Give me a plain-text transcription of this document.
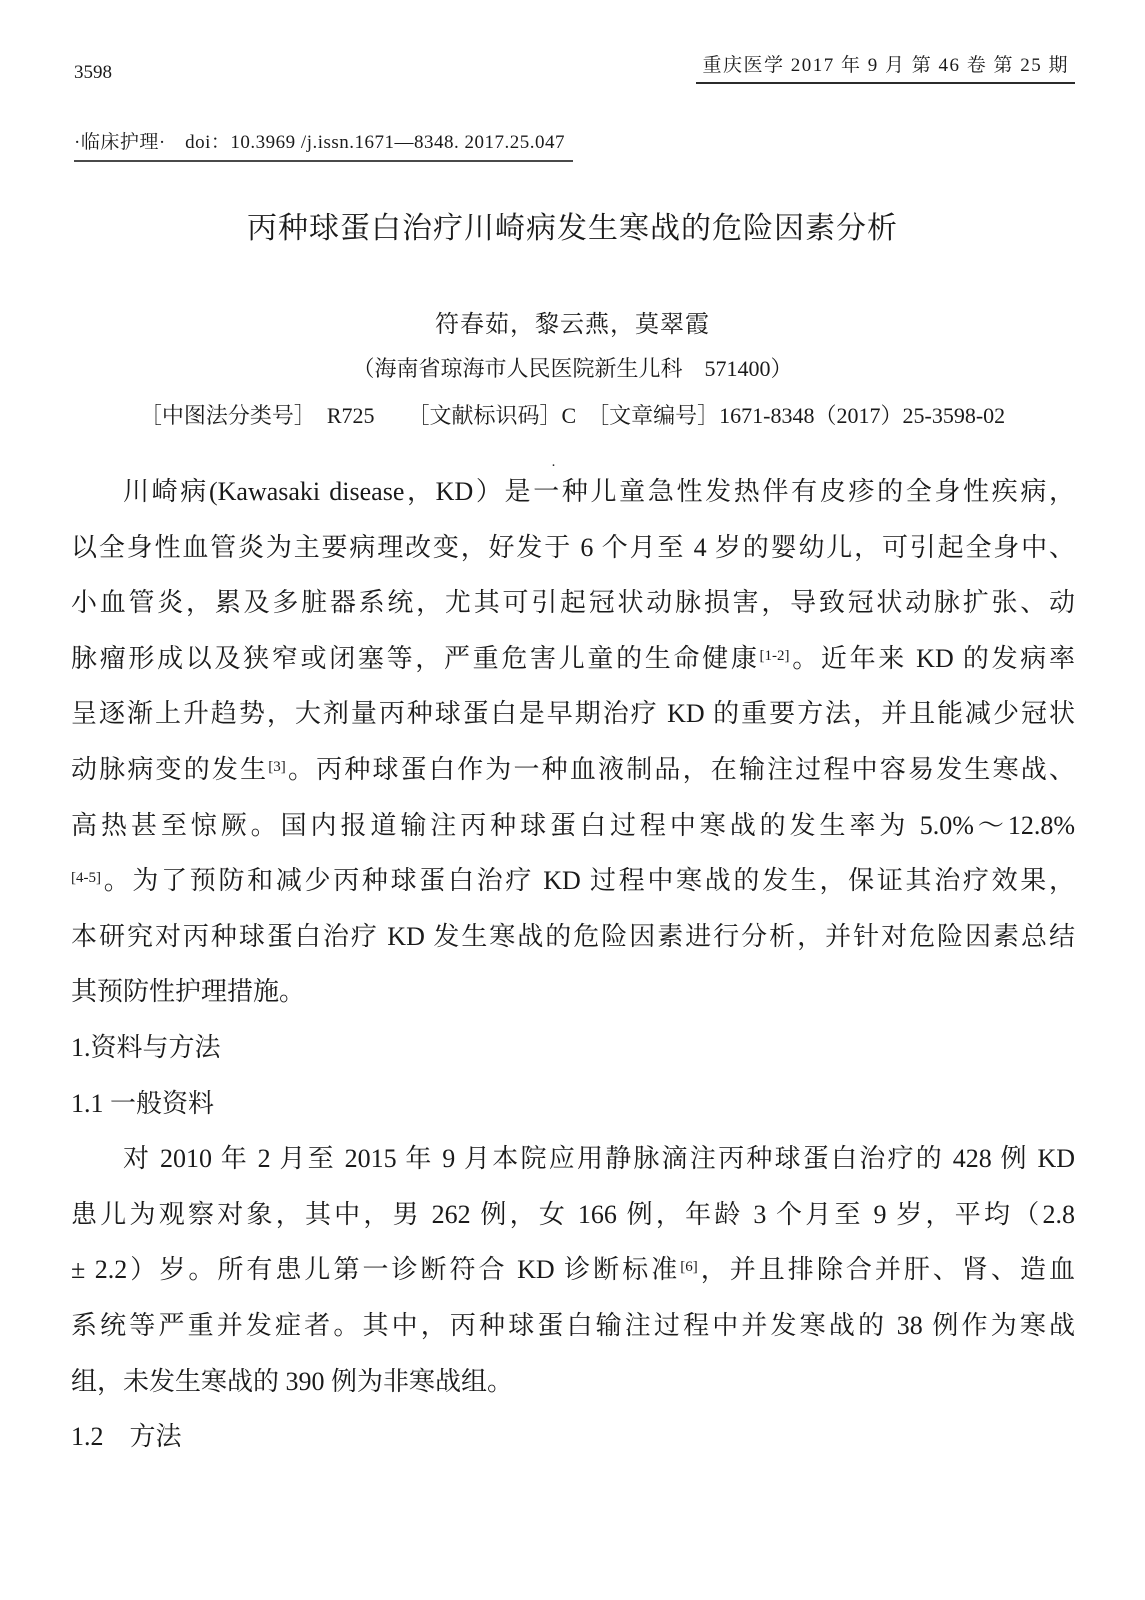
3598	重庆医学 2017 年 9 月 第 46 卷 第 25 期
·临床护理·　doi：10.3969 /j.issn.1671—8348. 2017.25.047
丙种球蛋白治疗川崎病发生寒战的危险因素分析
符春茹，黎云燕，莫翠霞
（海南省琼海市人民医院新生儿科　571400）
［中图法分类号］　R725　　［文献标识码］C　［文章编号］1671-8348（2017）25-3598-02
·
川崎病(Kawasaki disease，KD）是一种儿童急性发热伴有皮疹的全身性疾病，
以全身性血管炎为主要病理改变，好发于 6 个月至 4 岁的婴幼儿，可引起全身中、
小血管炎，累及多脏器系统，尤其可引起冠状动脉损害，导致冠状动脉扩张、动
脉瘤形成以及狭窄或闭塞等，严重危害儿童的生命健康[1-2]。近年来 KD 的发病率
呈逐渐上升趋势，大剂量丙种球蛋白是早期治疗 KD 的重要方法，并且能减少冠状
动脉病变的发生[3]。丙种球蛋白作为一种血液制品，在输注过程中容易发生寒战、
高热甚至惊厥。国内报道输注丙种球蛋白过程中寒战的发生率为 5.0%～12.8%
[4-5]。为了预防和减少丙种球蛋白治疗 KD 过程中寒战的发生，保证其治疗效果，
本研究对丙种球蛋白治疗 KD 发生寒战的危险因素进行分析，并针对危险因素总结
其预防性护理措施。
1.资料与方法
1.1 一般资料
对 2010 年 2 月至 2015 年 9 月本院应用静脉滴注丙种球蛋白治疗的 428 例 KD
患儿为观察对象，其中，男 262 例，女 166 例，年龄 3 个月至 9 岁，平均（2.8
± 2.2）岁。所有患儿第一诊断符合 KD 诊断标准[6]，并且排除合并肝、肾、造血
系统等严重并发症者。其中，丙种球蛋白输注过程中并发寒战的 38 例作为寒战
组，未发生寒战的 390 例为非寒战组。
1.2　方法
